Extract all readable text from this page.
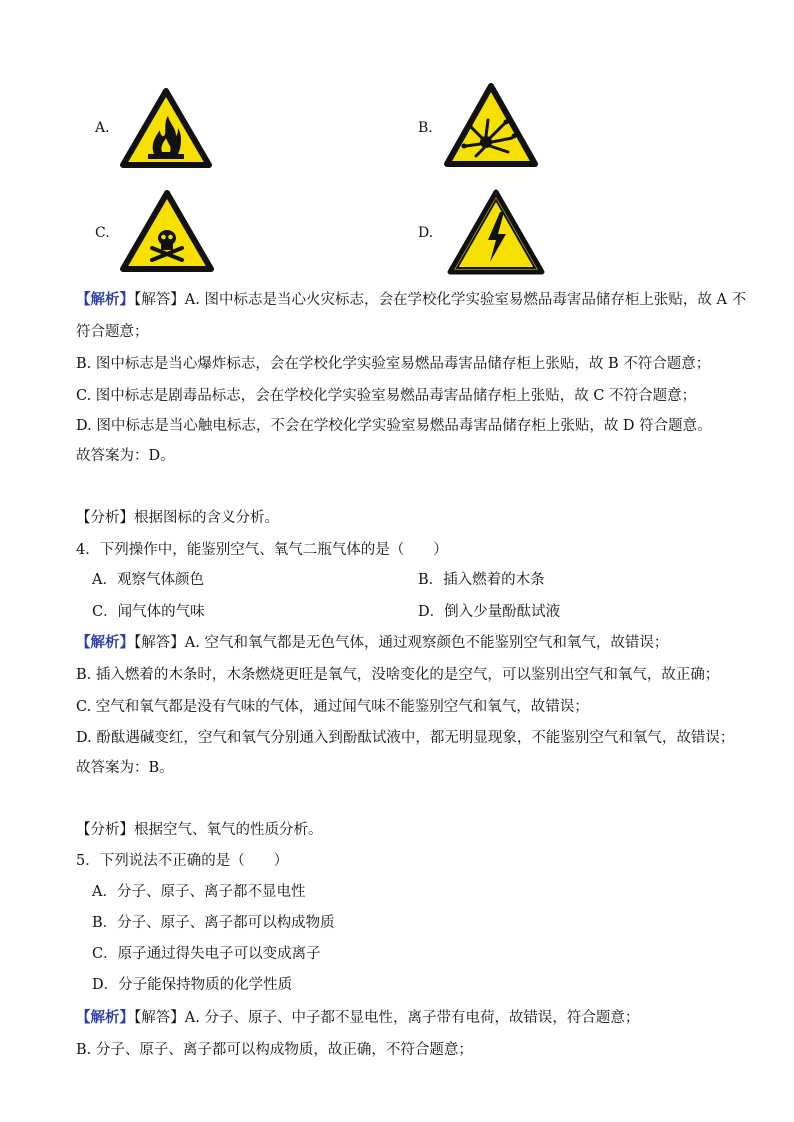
A.	B.
C.	D.
【解析】【解答】A. 图中标志是当心火灾标志，会在学校化学实验室易燃品毒害品储存柜上张贴，故 A 不
符合题意；
B. 图中标志是当心爆炸标志，会在学校化学实验室易燃品毒害品储存柜上张贴，故 B 不符合题意；
C. 图中标志是剧毒品标志，会在学校化学实验室易燃品毒害品储存柜上张贴，故 C 不符合题意；
D. 图中标志是当心触电标志，不会在学校化学实验室易燃品毒害品储存柜上张贴，故 D 符合题意。
故答案为：D。
【分析】根据图标的含义分析。
4．下列操作中，能鉴别空气、氧气二瓶气体的是（　　）
A．观察气体颜色	B．插入燃着的木条
C．闻气体的气味	D．倒入少量酚酞试液
【解析】【解答】A. 空气和氧气都是无色气体，通过观察颜色不能鉴别空气和氧气，故错误；
B. 插入燃着的木条时，木条燃烧更旺是氧气，没啥变化的是空气，可以鉴别出空气和氧气，故正确；
C. 空气和氧气都是没有气味的气体，通过闻气味不能鉴别空气和氧气，故错误；
D. 酚酞遇碱变红，空气和氧气分别通入到酚酞试液中，都无明显现象，不能鉴别空气和氧气，故错误；
故答案为：B。
【分析】根据空气、氧气的性质分析。
5．下列说法不正确的是（　　）
A．分子、原子、离子都不显电性
B．分子、原子、离子都可以构成物质
C．原子通过得失电子可以变成离子
D．分子能保持物质的化学性质
【解析】【解答】A. 分子、原子、中子都不显电性，离子带有电荷，故错误，符合题意；
B. 分子、原子、离子都可以构成物质，故正确，不符合题意；
